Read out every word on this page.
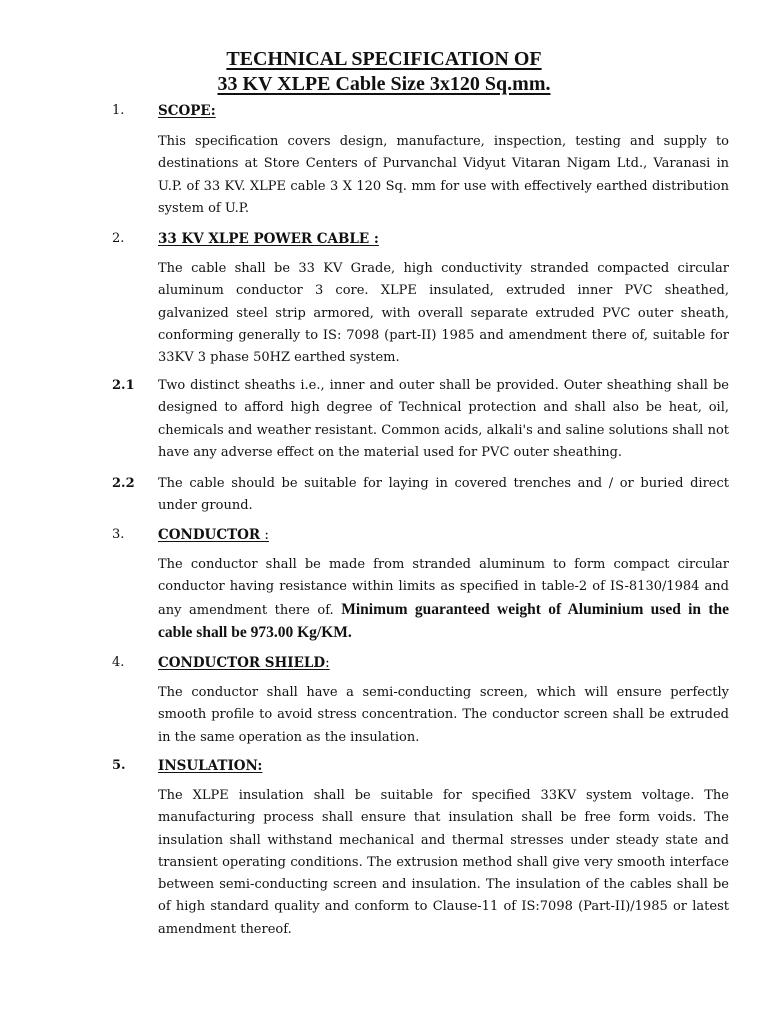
TECHNICAL SPECIFICATION OF
33 KV XLPE Cable Size 3x120 Sq.mm.
1. SCOPE:

This specification covers design, manufacture, inspection, testing and supply to destinations at Store Centers of Purvanchal Vidyut Vitaran Nigam Ltd., Varanasi in U.P. of 33 KV. XLPE cable 3 X 120 Sq. mm for use with effectively earthed distribution system of U.P.

2. 33 KV XLPE POWER CABLE :

The cable shall be 33 KV Grade, high conductivity stranded compacted circular aluminum conductor 3 core. XLPE insulated, extruded inner PVC sheathed, galvanized steel strip armored, with overall separate extruded PVC outer sheath, conforming generally to IS: 7098 (part-II) 1985 and amendment there of, suitable for 33KV 3 phase 50HZ earthed system.

2.1 Two distinct sheaths i.e., inner and outer shall be provided. Outer sheathing shall be designed to afford high degree of Technical protection and shall also be heat, oil, chemicals and weather resistant. Common acids, alkali's and saline solutions shall not have any adverse effect on the material used for PVC outer sheathing.

2.2 The cable should be suitable for laying in covered trenches and / or buried direct under ground.

3. CONDUCTOR :

The conductor shall be made from stranded aluminum to form compact circular conductor having resistance within limits as specified in table-2 of IS-8130/1984 and any amendment there of. Minimum guaranteed weight of Aluminium used in the cable shall be 973.00 Kg/KM.

4. CONDUCTOR SHIELD:

The conductor shall have a semi-conducting screen, which will ensure perfectly smooth profile to avoid stress concentration. The conductor screen shall be extruded in the same operation as the insulation.

5. INSULATION:

The XLPE insulation shall be suitable for specified 33KV system voltage. The manufacturing process shall ensure that insulation shall be free form voids. The insulation shall withstand mechanical and thermal stresses under steady state and transient operating conditions. The extrusion method shall give very smooth interface between semi-conducting screen and insulation. The insulation of the cables shall be of high standard quality and conform to Clause-11 of IS:7098 (Part-II)/1985 or latest amendment thereof.
